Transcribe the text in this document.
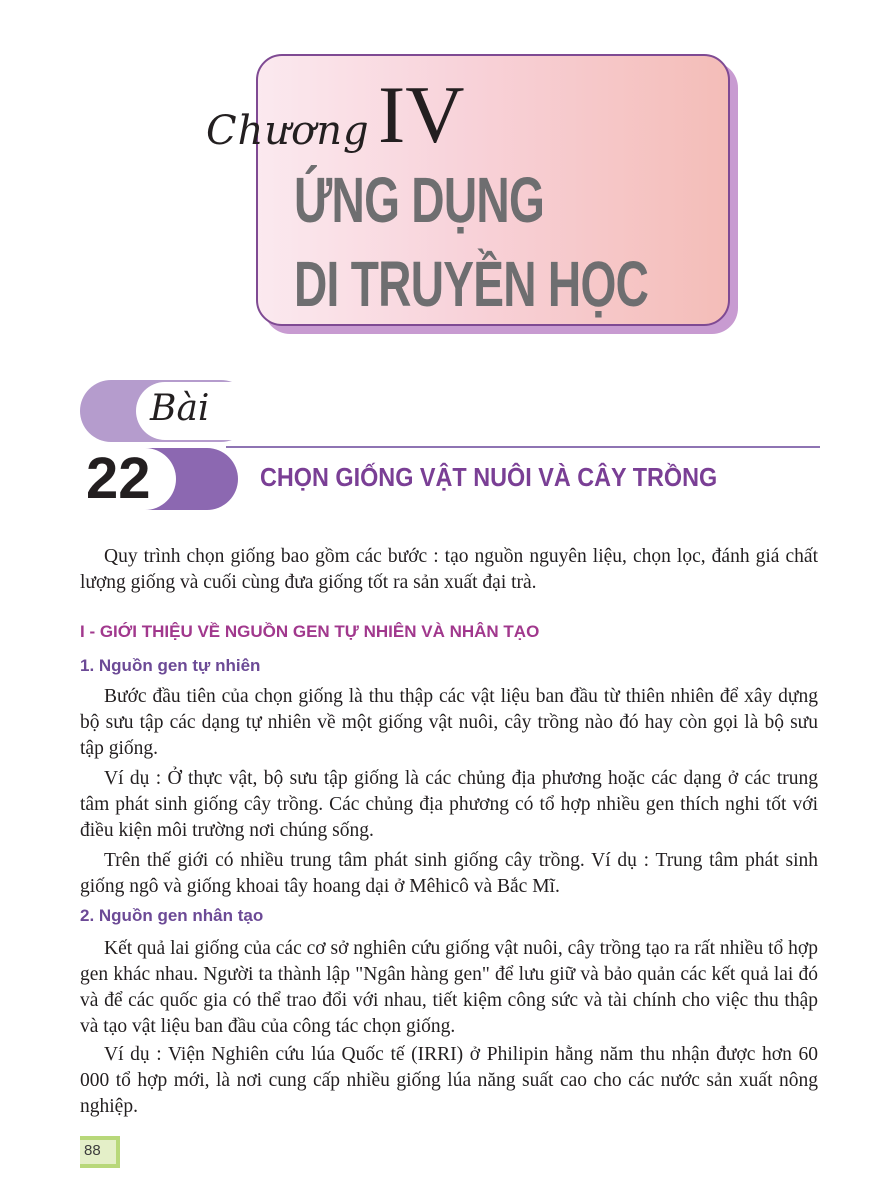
Chương IV
ỨNG DỤNG
DI TRUYỀN HỌC
Bài
22	CHỌN GIỐNG VẬT NUÔI VÀ CÂY TRỒNG
Quy trình chọn giống bao gồm các bước : tạo nguồn nguyên liệu, chọn lọc, đánh giá chất lượng giống và cuối cùng đưa giống tốt ra sản xuất đại trà.
I - GIỚI THIỆU VỀ NGUỒN GEN TỰ NHIÊN VÀ NHÂN TẠO
1. Nguồn gen tự nhiên
Bước đầu tiên của chọn giống là thu thập các vật liệu ban đầu từ thiên nhiên để xây dựng bộ sưu tập các dạng tự nhiên về một giống vật nuôi, cây trồng nào đó hay còn gọi là bộ sưu tập giống.
Ví dụ : Ở thực vật, bộ sưu tập giống là các chủng địa phương hoặc các dạng ở các trung tâm phát sinh giống cây trồng. Các chủng địa phương có tổ hợp nhiều gen thích nghi tốt với điều kiện môi trường nơi chúng sống.
Trên thế giới có nhiều trung tâm phát sinh giống cây trồng. Ví dụ : Trung tâm phát sinh giống ngô và giống khoai tây hoang dại ở Mêhicô và Bắc Mĩ.
2. Nguồn gen nhân tạo
Kết quả lai giống của các cơ sở nghiên cứu giống vật nuôi, cây trồng tạo ra rất nhiều tổ hợp gen khác nhau. Người ta thành lập "Ngân hàng gen" để lưu giữ và bảo quản các kết quả lai đó và để các quốc gia có thể trao đổi với nhau, tiết kiệm công sức và tài chính cho việc thu thập và tạo vật liệu ban đầu của công tác chọn giống.
Ví dụ : Viện Nghiên cứu lúa Quốc tế (IRRI) ở Philipin hằng năm thu nhận được hơn 60 000 tổ hợp mới, là nơi cung cấp nhiều giống lúa năng suất cao cho các nước sản xuất nông nghiệp.
88
